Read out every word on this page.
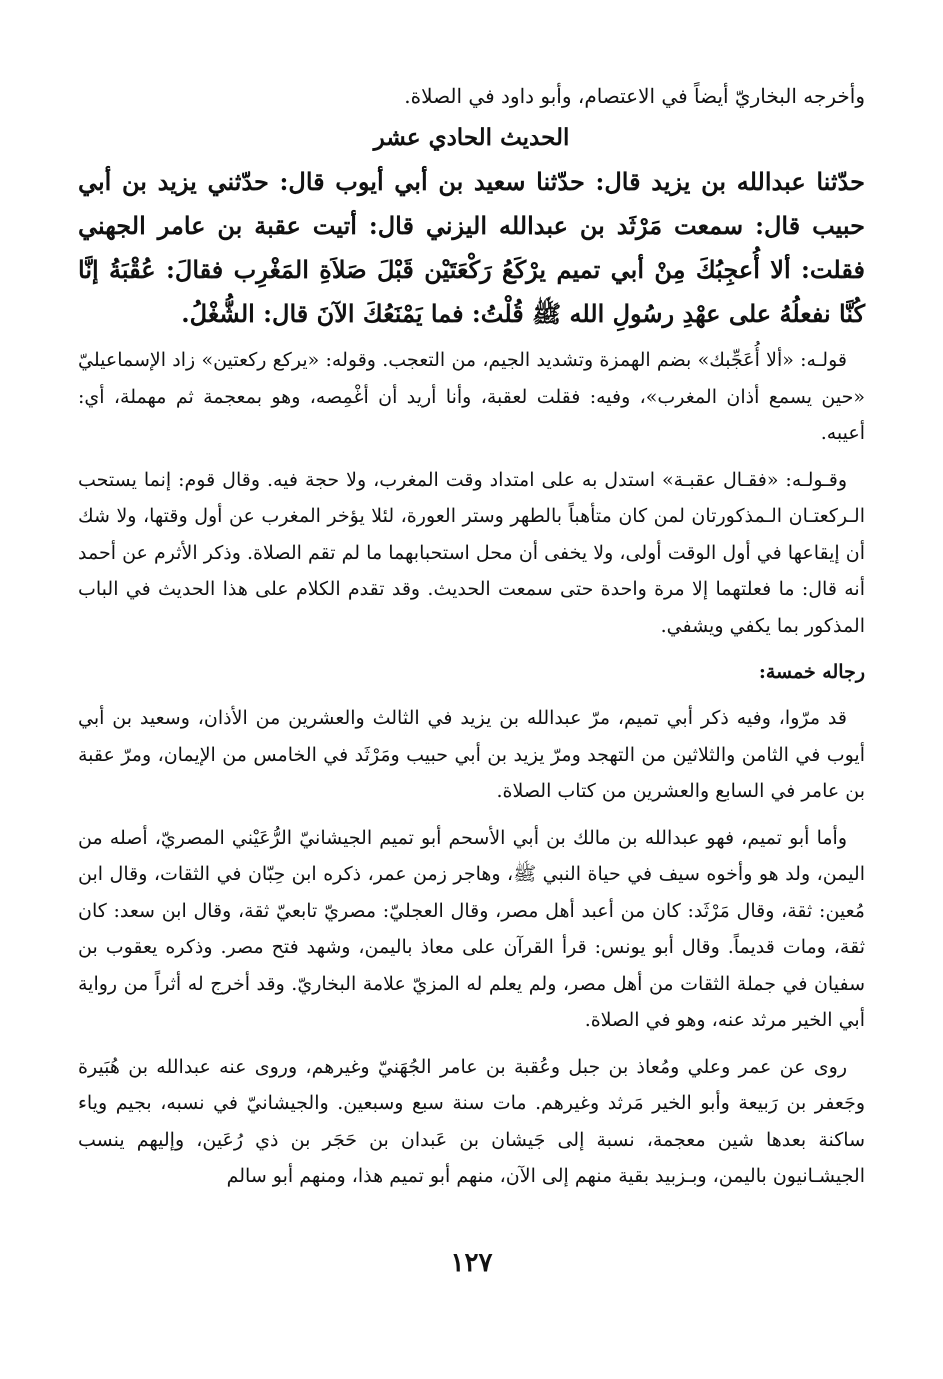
وأخرجه البخاريّ أيضاً في الاعتصام، وأبو داود في الصلاة.

الحديث الحادي عشر

حدّثنا عبدالله بن يزيد قال: حدّثنا سعيد بن أبي أيوب قال: حدّثني يزيد بن أبي حبيب قال: سمعت مَرْثَد بن عبدالله اليزني قال: أتيت عقبة بن عامر الجهني فقلت: ألا أُعجِبُكَ مِنْ أبي تميم يرْكَعُ رَكْعَتَيْن قَبْلَ صَلاَةِ المَغْرِب فقالَ: عُقْبَةُ إنَّا كُنَّا نفعلُهُ على عهْدِ رسُولِ الله ﷺ قُلْتُ: فما يَمْنَعُكَ الآنَ قال: الشُّغْلُ.

قولـه: «ألا أُعَجِّبك» بضم الهمزة وتشديد الجيم، من التعجب. وقوله: «يركع ركعتين» زاد الإسماعيليّ «حين يسمع أذان المغرب»، وفيه: فقلت لعقبة، وأنا أريد أن أغْمِصه، وهو بمعجمة ثم مهملة، أي: أعيبه.

وقـولـه: «فقـال عقبـة» استدل به على امتداد وقت المغرب، ولا حجة فيه. وقال قوم: إنما يستحب الـركعتـان الـمذكورتان لمن كان متأهباً بالطهر وستر العورة، لئلا يؤخر المغرب عن أول وقتها، ولا شك أن إيقاعها في أول الوقت أولى، ولا يخفى أن محل استحبابهما ما لم تقم الصلاة. وذكر الأثرم عن أحمد أنه قال: ما فعلتهما إلا مرة واحدة حتى سمعت الحديث. وقد تقدم الكلام على هذا الحديث في الباب المذكور بما يكفي ويشفي.

رجاله خمسة:

قد مرّوا، وفيه ذكر أبي تميم، مرّ عبدالله بن يزيد في الثالث والعشرين من الأذان، وسعيد بن أبي أيوب في الثامن والثلاثين من التهجد ومرّ يزيد بن أبي حبيب ومَرْثَد في الخامس من الإيمان، ومرّ عقبة بن عامر في السابع والعشرين من كتاب الصلاة.

وأما أبو تميم، فهو عبدالله بن مالك بن أبي الأسحم أبو تميم الجيشانيّ الرُّعَيْني المصريّ، أصله من اليمن، ولد هو وأخوه سيف في حياة النبي ﷺ، وهاجر زمن عمر، ذكره ابن حِبّان في الثقات، وقال ابن مُعين: ثقة، وقال مَرْثَد: كان من أعبد أهل مصر، وقال العجليّ: مصريّ تابعيّ ثقة، وقال ابن سعد: كان ثقة، ومات قديماً. وقال أبو يونس: قرأ القرآن على معاذ باليمن، وشهد فتح مصر. وذكره يعقوب بن سفيان في جملة الثقات من أهل مصر، ولم يعلم له المزيّ علامة البخاريّ. وقد أخرج له أثراً من رواية أبي الخير مرثد عنه، وهو في الصلاة.

روى عن عمر وعلي ومُعاذ بن جبل وعُقبة بن عامر الجُهَنيّ وغيرهم، وروى عنه عبدالله بن هُبَيرة وجَعفر بن رَبيعة وأبو الخير مَرثد وغيرهم. مات سنة سبع وسبعين. والجيشانيّ في نسبه، بجيم وياء ساكنة بعدها شين معجمة، نسبة إلى جَيشان بن عَبدان بن حَجَر بن ذي رُعَين، وإليهم ينسب الجيشـانيون باليمن، وبـزبيد بقية منهم إلى الآن، منهم أبو تميم هذا، ومنهم أبو سالم

١٢٧
